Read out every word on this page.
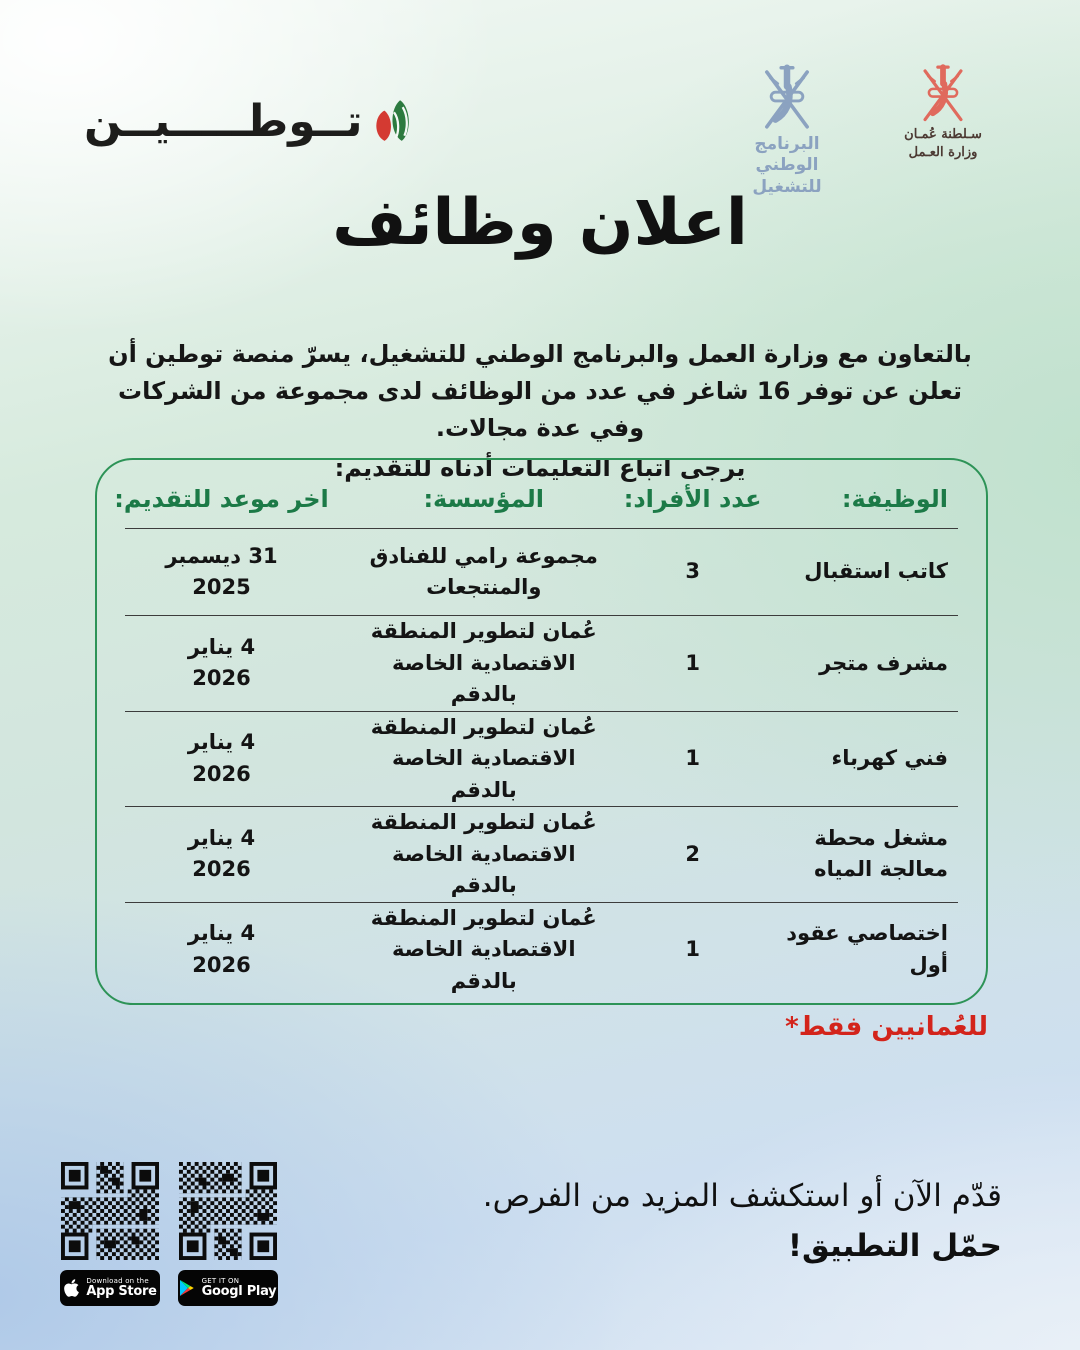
تــوطـــــيــن	البرنامج الوطني
للتشغيل
سـلطنة عُمـان
وزارة العـمل
اعلان وظائف
بالتعاون مع وزارة العمل والبرنامج الوطني للتشغيل، يسرّ منصة توطين أن تعلن عن توفر 16 شاغر في عدد من الوظائف لدى مجموعة من الشركات وفي عدة مجالات.
يرجى اتباع التعليمات أدناه للتقديم:
الوظيفة:
عدد الأفراد:
المؤسسة:
اخر موعد للتقديم:
كاتب استقبال
3
مجموعة رامي للفنادق والمنتجعات
31 ديسمبر 2025
مشرف متجر
1
عُمان لتطوير المنطقة الاقتصادية الخاصة بالدقم
4 يناير 2026
فني كهرباء
1
عُمان لتطوير المنطقة الاقتصادية الخاصة بالدقم
4 يناير 2026
مشغل محطة معالجة المياه
2
عُمان لتطوير المنطقة الاقتصادية الخاصة بالدقم
4 يناير 2026
اختصاصي عقود أول
1
عُمان لتطوير المنطقة الاقتصادية الخاصة بالدقم
4 يناير 2026
للعُمانيين فقط*
Download on the
App Store
GET IT ON
Googl Play
قدّم الآن أو استكشف المزيد من الفرص.
حمّل التطبيق!
